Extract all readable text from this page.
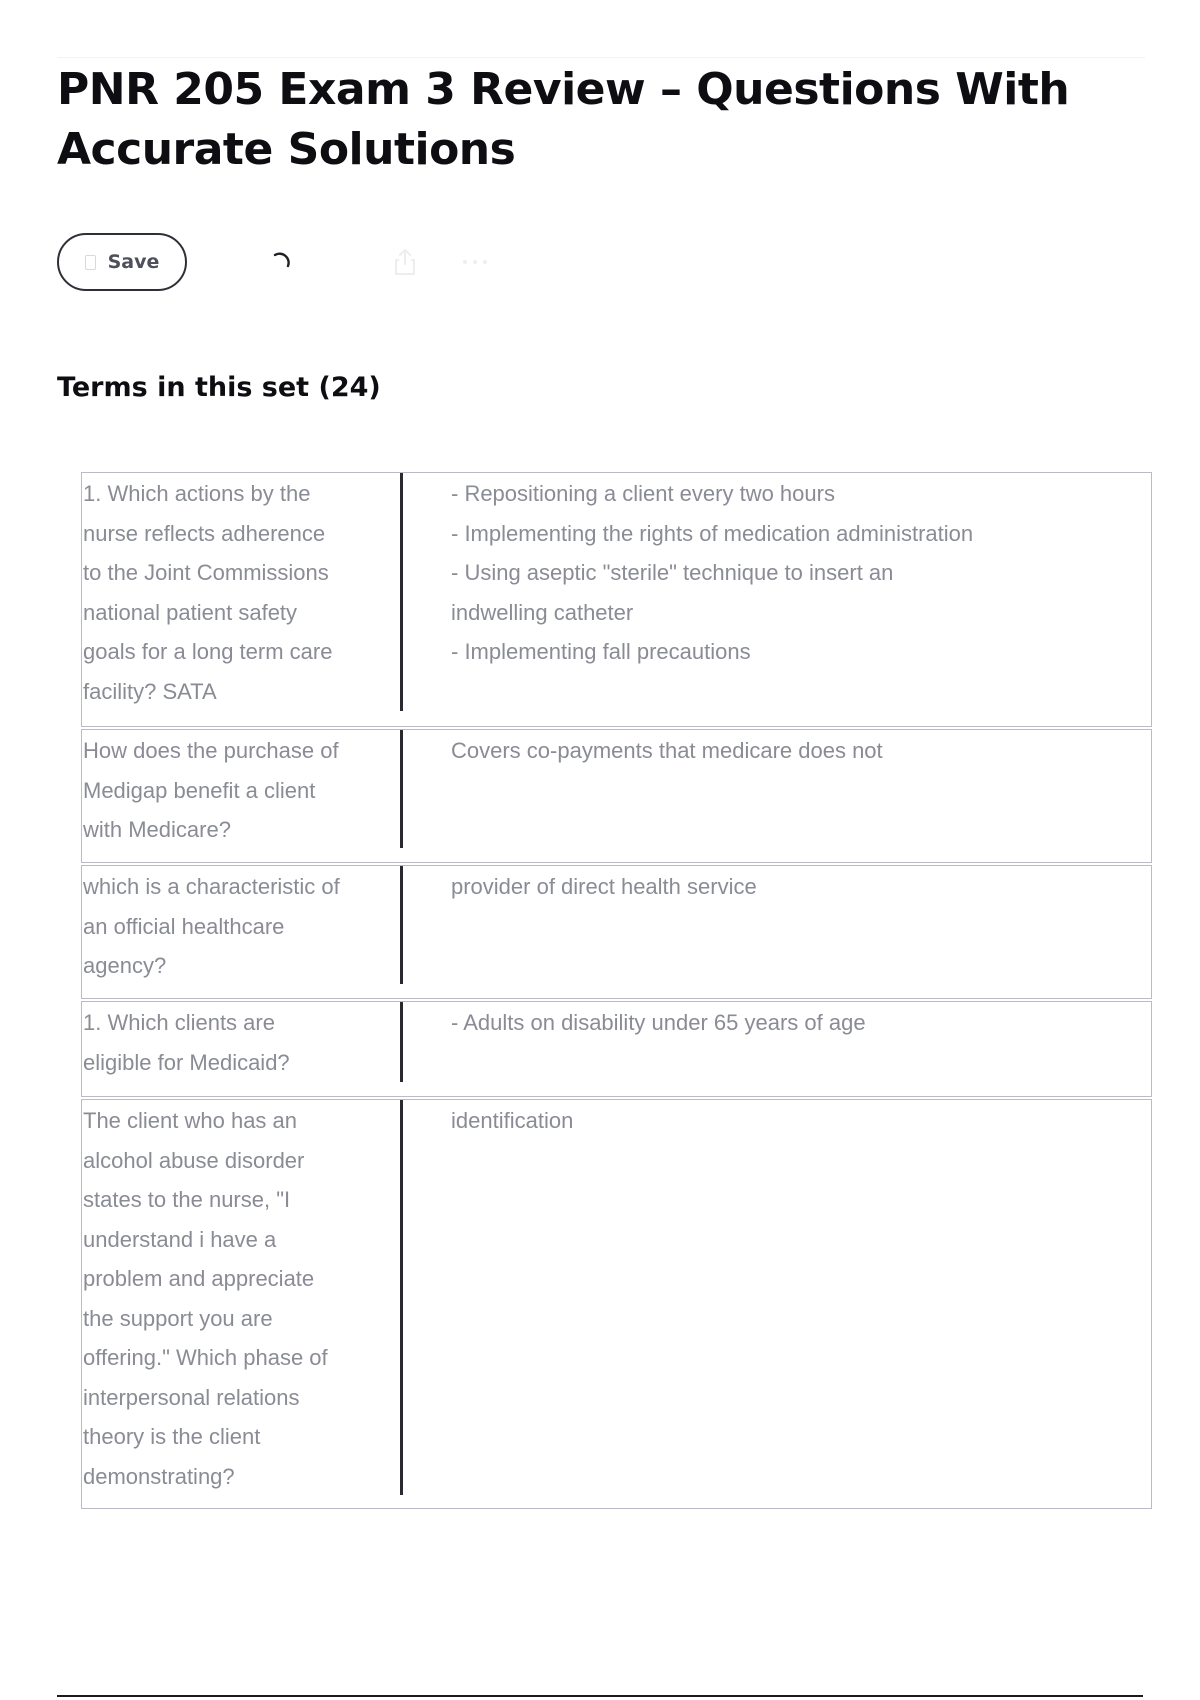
PNR 205 Exam 3 Review – Questions With Accurate Solutions
Save
Terms in this set (24)
1. Which actions by the
nurse reflects adherence
to the Joint Commissions
national patient safety
goals for a long term care
facility? SATA
- Repositioning a client every two hours
- Implementing the rights of medication administration
- Using aseptic "sterile" technique to insert an
indwelling catheter
- Implementing fall precautions
How does the purchase of
Medigap benefit a client
with Medicare?
Covers co-payments that medicare does not
which is a characteristic of
an official healthcare
agency?
provider of direct health service
1. Which clients are
eligible for Medicaid?
- Adults on disability under 65 years of age
The client who has an
alcohol abuse disorder
states to the nurse, "I
understand i have a
problem and appreciate
the support you are
offering." Which phase of
interpersonal relations
theory is the client
demonstrating?
identification
